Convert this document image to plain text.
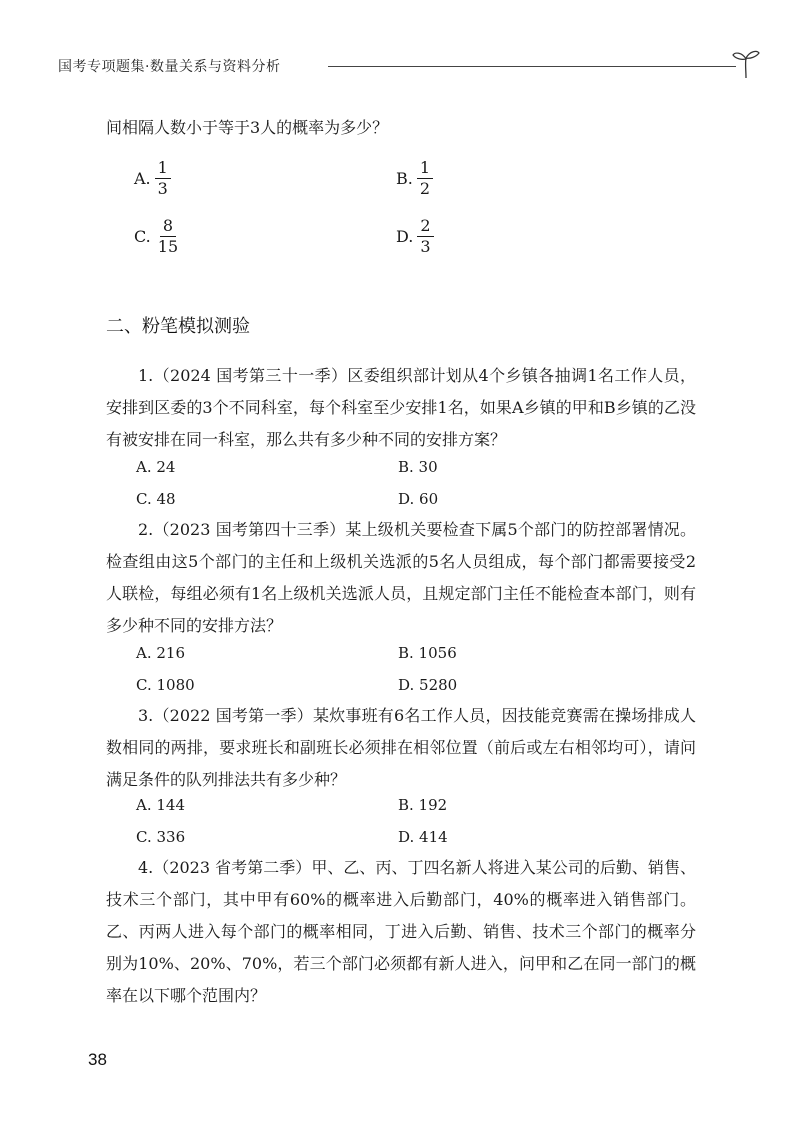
国考专项题集·数量关系与资料分析
间相隔人数小于等于3人的概率为多少？
A. $\frac{1}{3}$	B. $\frac{1}{2}$
C. $\frac{8}{15}$	D. $\frac{2}{3}$
二、粉笔模拟测验
1.（2024 国考第三十一季）区委组织部计划从4个乡镇各抽调1名工作人员，安排到区委的3个不同科室，每个科室至少安排1名，如果A乡镇的甲和B乡镇的乙没有被安排在同一科室，那么共有多少种不同的安排方案？
A. 24	B. 30
C. 48	D. 60
2.（2023 国考第四十三季）某上级机关要检查下属5个部门的防控部署情况。检查组由这5个部门的主任和上级机关选派的5名人员组成，每个部门都需要接受2人联检，每组必须有1名上级机关选派人员，且规定部门主任不能检查本部门，则有多少种不同的安排方法？
A. 216	B. 1056
C. 1080	D. 5280
3.（2022 国考第一季）某炊事班有6名工作人员，因技能竞赛需在操场排成人数相同的两排，要求班长和副班长必须排在相邻位置（前后或左右相邻均可），请问满足条件的队列排法共有多少种？
A. 144	B. 192
C. 336	D. 414
4.（2023 省考第二季）甲、乙、丙、丁四名新人将进入某公司的后勤、销售、技术三个部门，其中甲有60%的概率进入后勤部门，40%的概率进入销售部门。乙、丙两人进入每个部门的概率相同，丁进入后勤、销售、技术三个部门的概率分别为10%、20%、70%，若三个部门必须都有新人进入，问甲和乙在同一部门的概率在以下哪个范围内？
38
